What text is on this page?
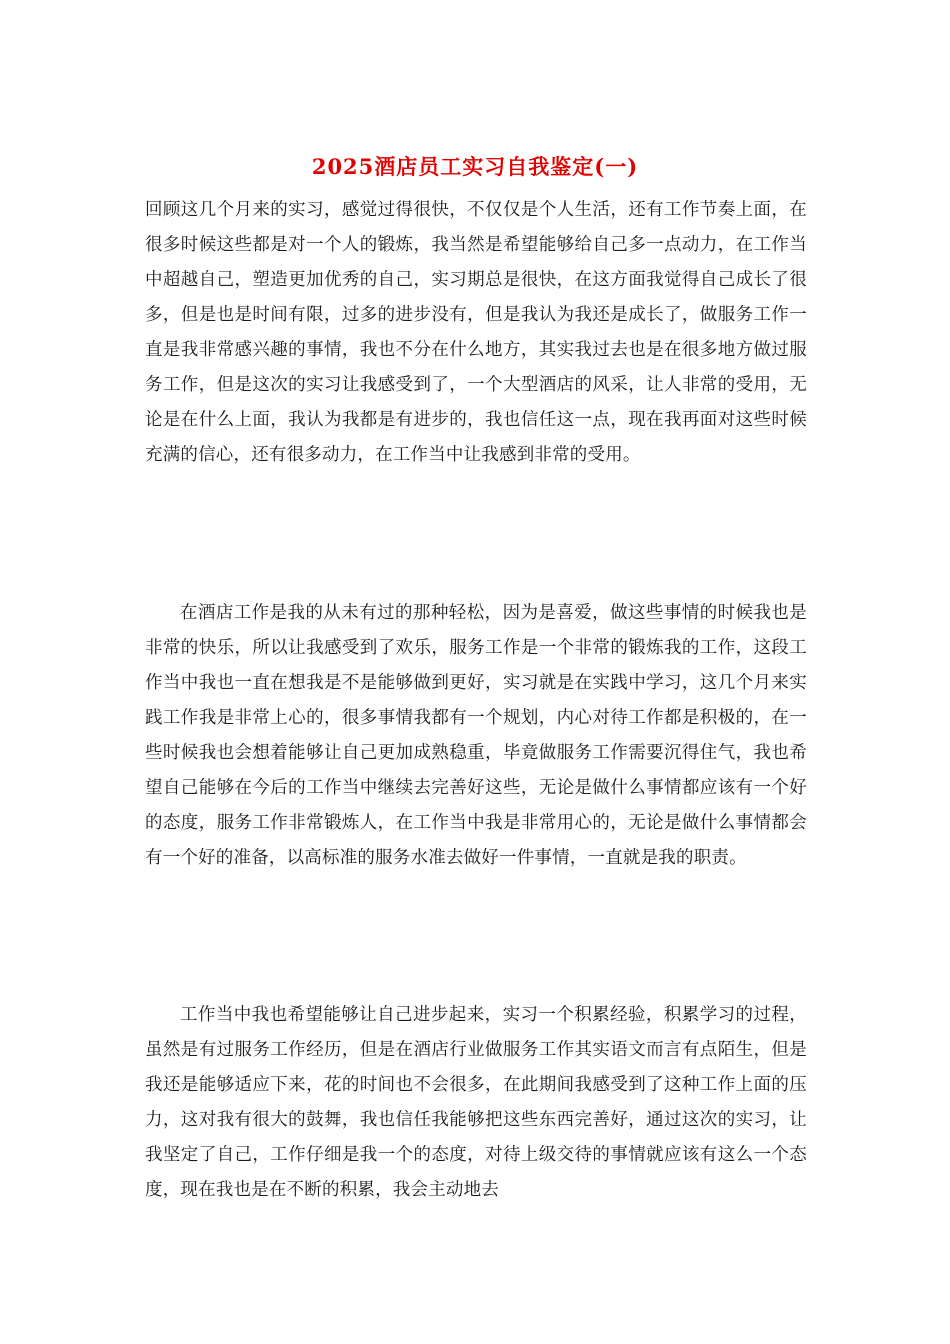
2025酒店员工实习自我鉴定(一)

回顾这几个月来的实习，感觉过得很快，不仅仅是个人生活，还有工作节奏上面，在很多时候这些都是对一个人的锻炼，我当然是希望能够给自己多一点动力，在工作当中超越自己，塑造更加优秀的自己，实习期总是很快，在这方面我觉得自己成长了很多，但是也是时间有限，过多的进步没有，但是我认为我还是成长了，做服务工作一直是我非常感兴趣的事情，我也不分在什么地方，其实我过去也是在很多地方做过服务工作，但是这次的实习让我感受到了，一个大型酒店的风采，让人非常的受用，无论是在什么上面，我认为我都是有进步的，我也信任这一点，现在我再面对这些时候充满的信心，还有很多动力，在工作当中让我感到非常的受用。

在酒店工作是我的从未有过的那种轻松，因为是喜爱，做这些事情的时候我也是非常的快乐，所以让我感受到了欢乐，服务工作是一个非常的锻炼我的工作，这段工作当中我也一直在想我是不是能够做到更好，实习就是在实践中学习，这几个月来实践工作我是非常上心的，很多事情我都有一个规划，内心对待工作都是积极的，在一些时候我也会想着能够让自己更加成熟稳重，毕竟做服务工作需要沉得住气，我也希望自己能够在今后的工作当中继续去完善好这些，无论是做什么事情都应该有一个好的态度，服务工作非常锻炼人，在工作当中我是非常用心的，无论是做什么事情都会有一个好的准备，以高标准的服务水准去做好一件事情，一直就是我的职责。

工作当中我也希望能够让自己进步起来，实习一个积累经验，积累学习的过程，虽然是有过服务工作经历，但是在酒店行业做服务工作其实语文而言有点陌生，但是我还是能够适应下来，花的时间也不会很多，在此期间我感受到了这种工作上面的压力，这对我有很大的鼓舞，我也信任我能够把这些东西完善好，通过这次的实习，让我坚定了自己，工作仔细是我一个的态度，对待上级交待的事情就应该有这么一个态度，现在我也是在不断的积累，我会主动地去
